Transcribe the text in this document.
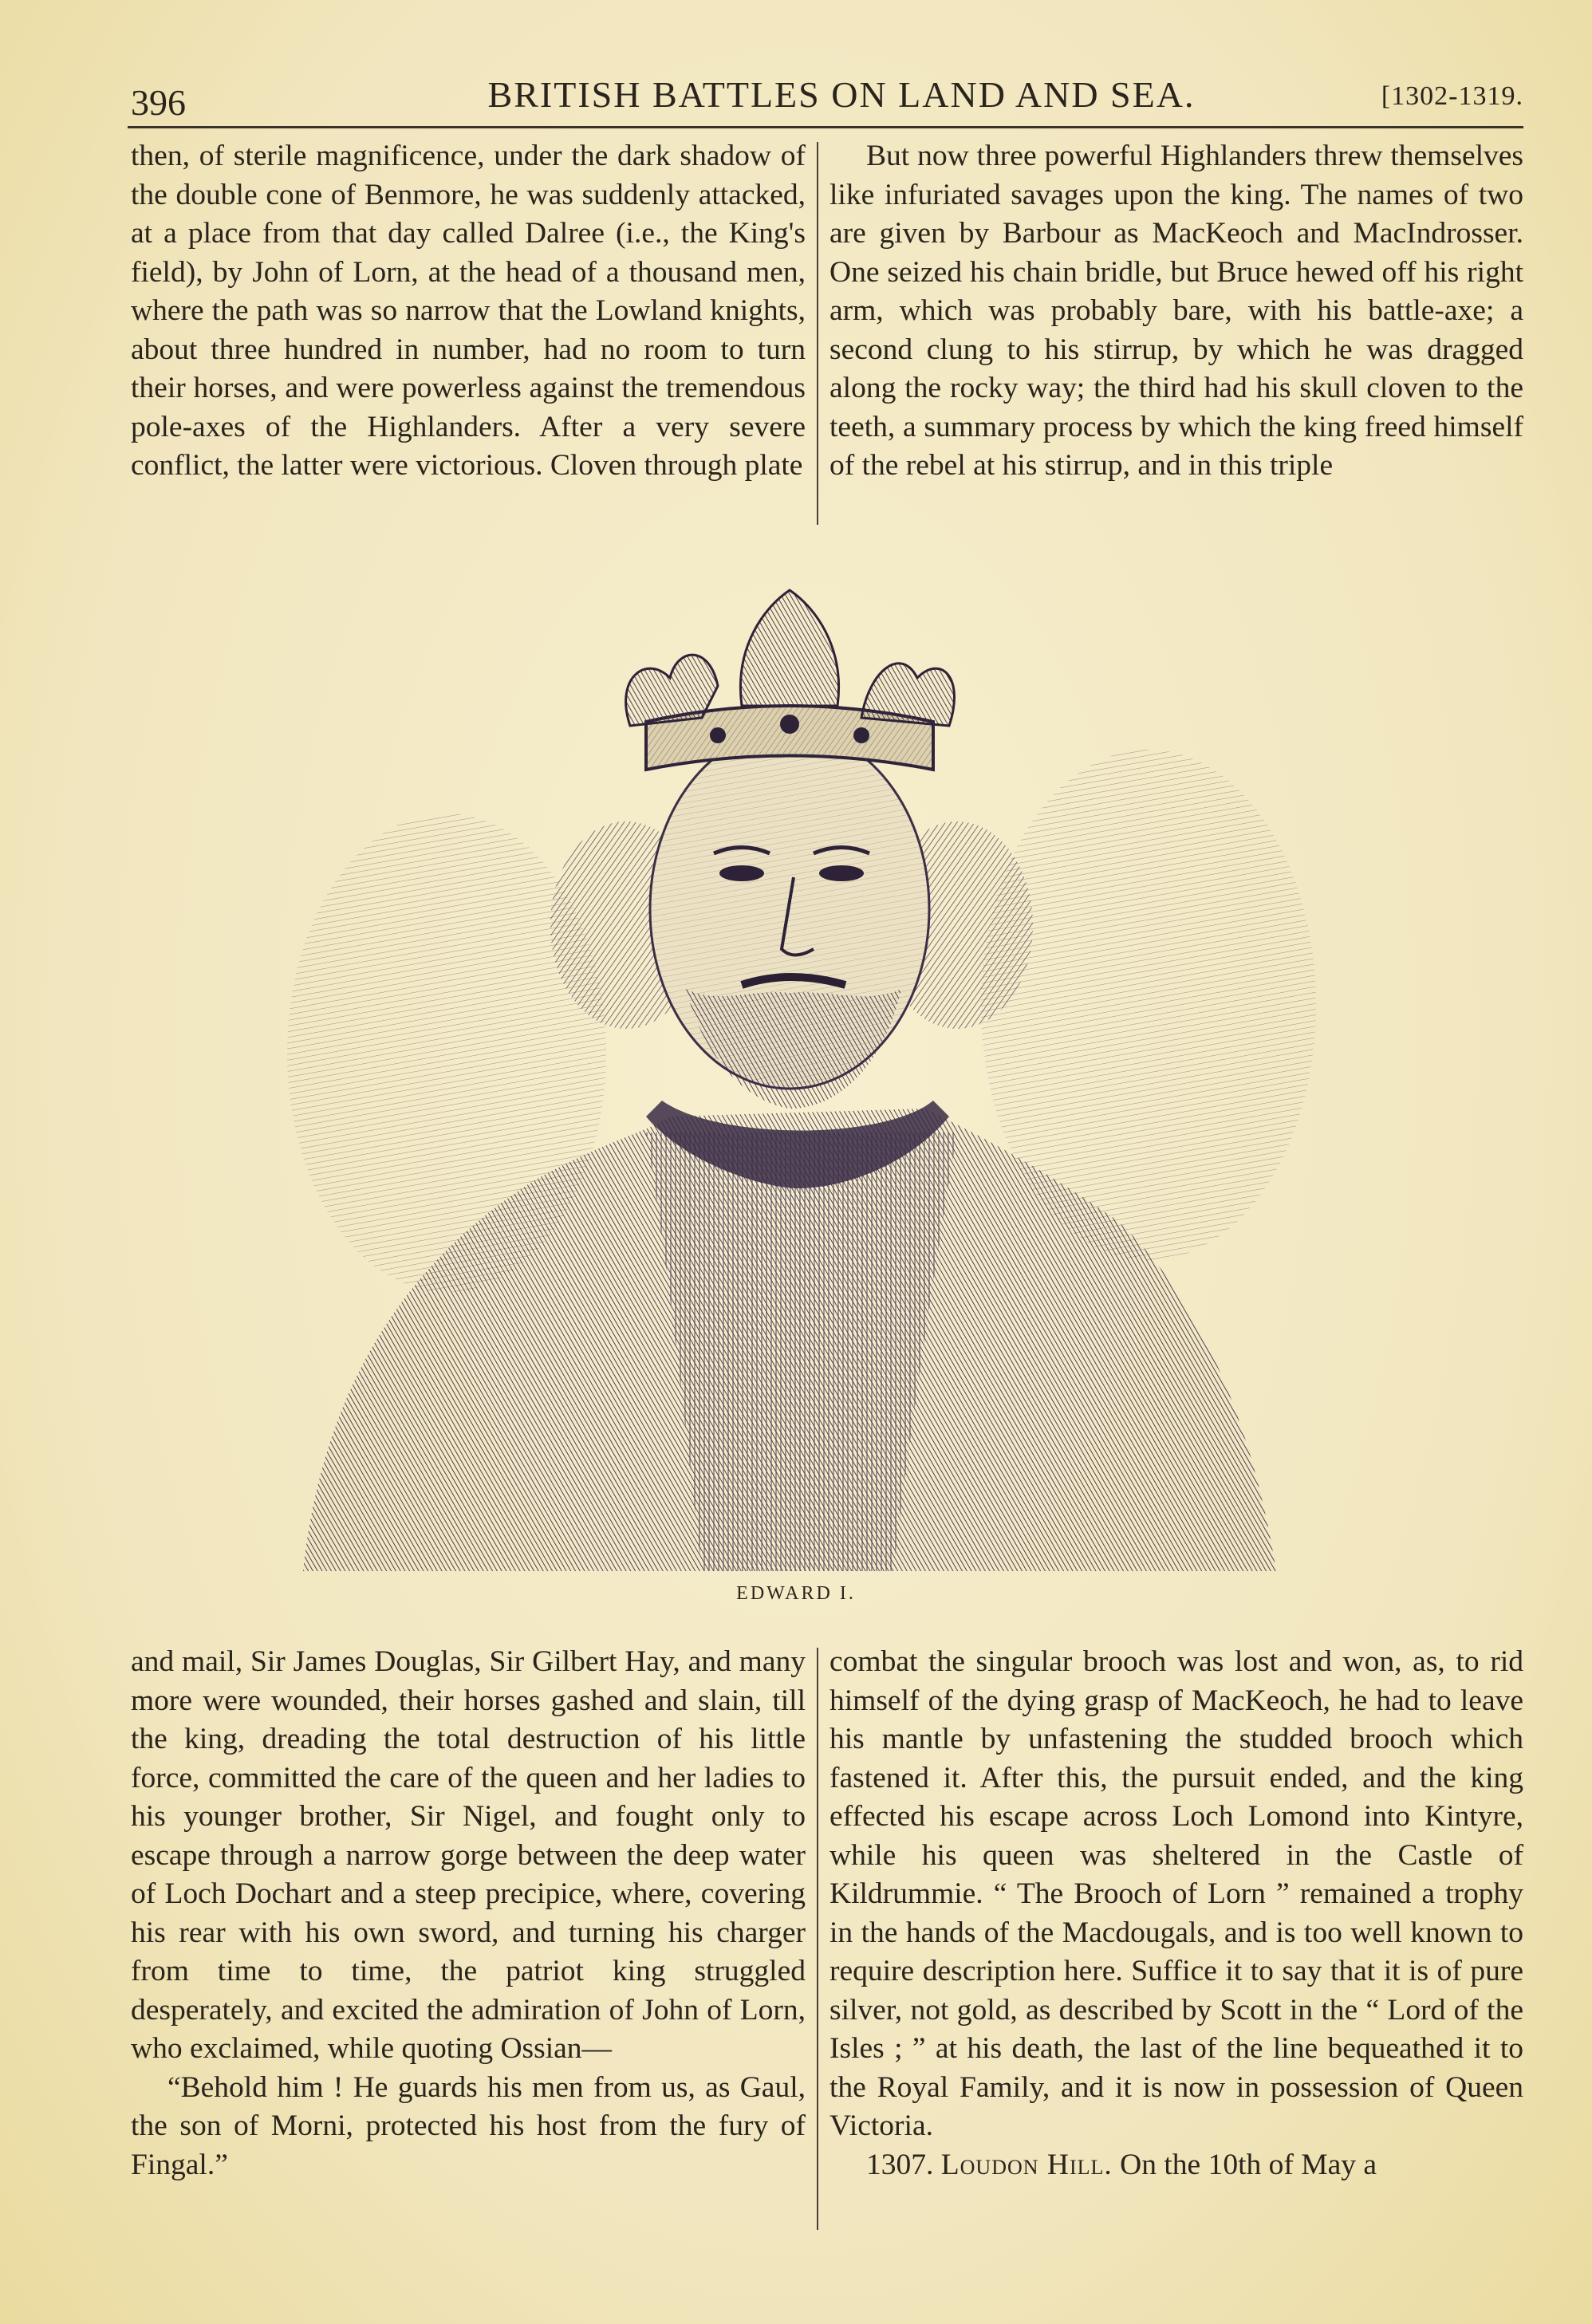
396	BRITISH BATTLES ON LAND AND SEA.	[1302-1319.

then, of sterile magnificence, under the dark shadow of the double cone of Benmore, he was suddenly attacked, at a place from that day called Dalree (i.e., the King's field), by John of Lorn, at the head of a thousand men, where the path was so narrow that the Lowland knights, about three hundred in number, had no room to turn their horses, and were powerless against the tremendous pole-axes of the Highlanders. After a very severe conflict, the latter were victorious. Cloven through plate

But now three powerful Highlanders threw themselves like infuriated savages upon the king. The names of two are given by Barbour as MacKeoch and MacIndrosser. One seized his chain bridle, but Bruce hewed off his right arm, which was probably bare, with his battle-axe; a second clung to his stirrup, by which he was dragged along the rocky way; the third had his skull cloven to the teeth, a summary process by which the king freed himself of the rebel at his stirrup, and in this triple

EDWARD I.

and mail, Sir James Douglas, Sir Gilbert Hay, and many more were wounded, their horses gashed and slain, till the king, dreading the total destruction of his little force, committed the care of the queen and her ladies to his younger brother, Sir Nigel, and fought only to escape through a narrow gorge between the deep water of Loch Dochart and a steep precipice, where, covering his rear with his own sword, and turning his charger from time to time, the patriot king struggled desperately, and excited the admiration of John of Lorn, who exclaimed, while quoting Ossian—

“Behold him ! He guards his men from us, as Gaul, the son of Morni, protected his host from the fury of Fingal.”

combat the singular brooch was lost and won, as, to rid himself of the dying grasp of MacKeoch, he had to leave his mantle by unfastening the studded brooch which fastened it. After this, the pursuit ended, and the king effected his escape across Loch Lomond into Kintyre, while his queen was sheltered in the Castle of Kildrummie. “ The Brooch of Lorn ” remained a trophy in the hands of the Macdougals, and is too well known to require description here. Suffice it to say that it is of pure silver, not gold, as described by Scott in the “ Lord of the Isles ; ” at his death, the last of the line bequeathed it to the Royal Family, and it is now in possession of Queen Victoria.

1307. Loudon Hill. On the 10th of May a
